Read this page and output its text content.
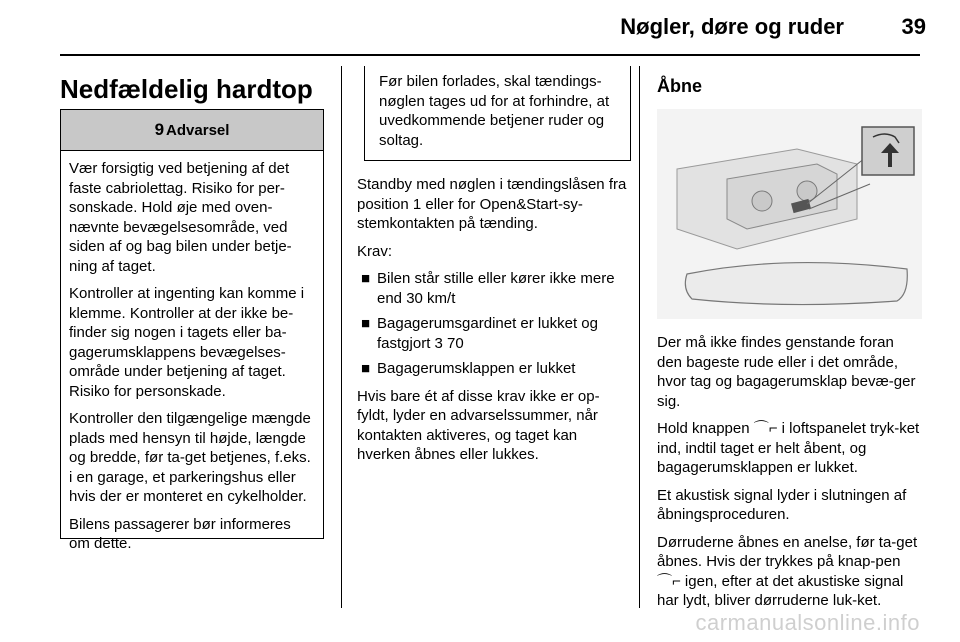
Nøgler, døre og ruder	39
Nedfældelig hardtop
9 Advarsel

Vær forsigtig ved betjening af det faste cabriolettag. Risiko for per-sonskade. Hold øje med oven-nævnte bevægelsesområde, ved siden af og bag bilen under betje-ning af taget.

Kontroller at ingenting kan komme i klemme. Kontroller at der ikke be-finder sig nogen i tagets eller ba-gagerumsklappens bevægelses-område under betjening af taget. Risiko for personskade.

Kontroller den tilgængelige mængde plads med hensyn til højde, længde og bredde, før ta-get betjenes, f.eks. i en garage, et parkeringshus eller hvis der er monteret en cykelholder.

Bilens passagerer bør informeres om dette.

Før bilen forlades, skal tændings-nøglen tages ud for at forhindre, at uvedkommende betjener ruder og soltag.

Standby med nøglen i tændingslåsen fra position 1 eller for Open&Start-sy-stemkontakten på tænding.

Krav:

■ Bilen står stille eller kører ikke mere end 30 km/t
■ Bagagerumsgardinet er lukket og fastgjort 3 70
■ Bagagerumsklappen er lukket

Hvis bare ét af disse krav ikke er op-fyldt, lyder en advarselssummer, når kontakten aktiveres, og taget kan hverken åbnes eller lukkes.

Åbne

Der må ikke findes genstande foran den bageste rude eller i det område, hvor tag og bagagerumsklap bevæ-ger sig.

Hold knappen ⌒⌐ i loftspanelet tryk-ket ind, indtil taget er helt åbent, og bagagerumsklappen er lukket.

Et akustisk signal lyder i slutningen af åbningsproceduren.

Dørruderne åbnes en anelse, før ta-get åbnes. Hvis der trykkes på knap-pen ⌒⌐ igen, efter at det akustiske signal har lydt, bliver dørruderne luk-ket.

carmanualsonline.info
